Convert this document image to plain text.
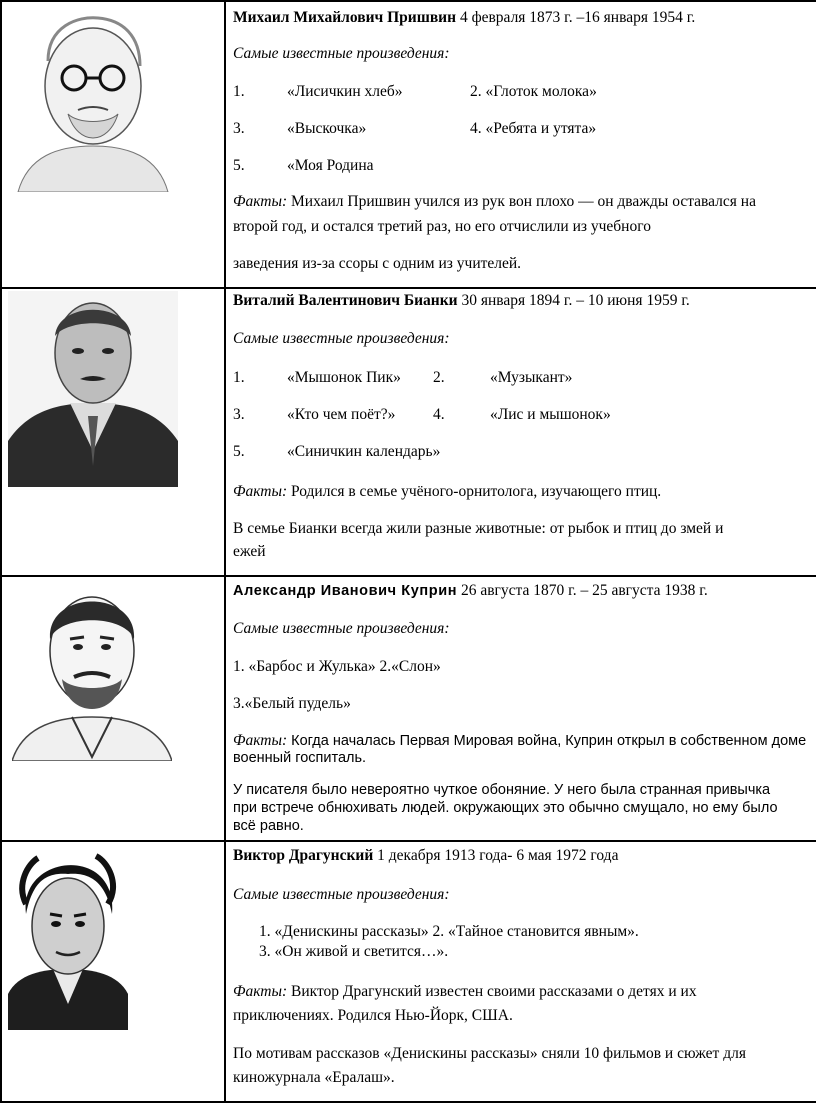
Михаил Михайлович Пришвин 4 февраля 1873 г. –16 января 1954 г.
Самые известные произведения:
1.	«Лисичкин хлеб»	2. «Глоток молока»
3.	«Выскочка»	4. «Ребята и утята»
5.	«Моя Родина
Факты: Михаил Пришвин учился из рук вон плохо — он дважды оставался на
второй год, и остался третий раз, но его отчислили из учебного
заведения из-за ссоры с одним из учителей.
Виталий Валентинович Бианки 30 января 1894 г. – 10 июня 1959 г.
Самые известные произведения:
1.	«Мышонок Пик» 2.	«Музыкант»
3.	«Кто чем поёт?» 4.	«Лис и мышонок»
5.	«Синичкин календарь»
Факты: Родился в семье учёного-орнитолога, изучающего птиц.
В семье Бианки всегда жили разные животные: от рыбок и птиц до змей и
ежей
Александр Иванович Куприн 26 августа 1870 г. – 25 августа 1938 г.
Самые известные произведения:
1. «Барбос и Жулька» 2.«Слон»
3.«Белый пудель»
Факты: Когда началась Первая Мировая война, Куприн открыл в собственном доме
военный госпиталь.
У писателя было невероятно чуткое обоняние. У него была странная привычка
при встрече обнюхивать людей. окружающих это обычно смущало, но ему было
всё равно.
Виктор Драгунский 1 декабря 1913 года- 6 мая 1972 года
Самые известные произведения:
1. «Денискины рассказы» 2. «Тайное становится явным».
3. «Он живой и светится…».
Факты: Виктор Драгунский известен своими рассказами о детях и их
приключениях. Родился Нью-Йорк, США.
По мотивам рассказов «Денискины рассказы» сняли 10 фильмов и сюжет для
киножурнала «Ералаш».
